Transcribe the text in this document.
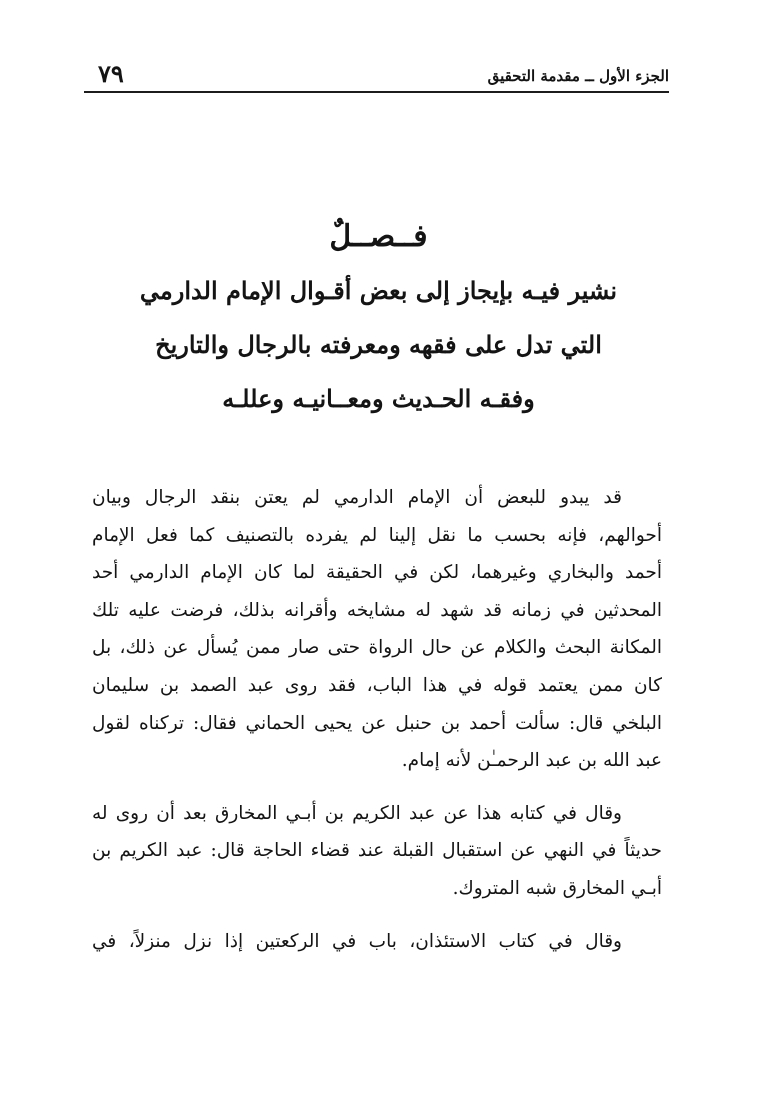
الجزء الأول ــ مقدمة التحقيق
٧٩
فــصــلٌ
نشير فيـه بإيجاز إلى بعض أقـوال الإمام الدارمي
التي تدل على فقهه ومعرفته بالرجال والتاريخ
وفقـه الحـديث ومعــانيـه وعللـه
قد يبدو للبعض أن الإمام الدارمي لم يعتن بنقد الرجال وبيان
أحوالهم، فإنه بحسب ما نقل إلينا لم يفرده بالتصنيف كما فعل الإمام
أحمد والبخاري وغيرهما، لكن في الحقيقة لما كان الإمام الدارمي أحد
المحدثين في زمانه قد شهد له مشايخه وأقرانه بذلك، فرضت عليه تلك
المكانة البحث والكلام عن حال الرواة حتى صار ممن يُسأل عن ذلك، بل
كان ممن يعتمد قوله في هذا الباب، فقد روى عبد الصمد بن سليمان
البلخي قال: سألت أحمد بن حنبل عن يحيى الحماني فقال: تركناه لقول
عبد الله بن عبد الرحمـٰن لأنه إمام.
وقال في كتابه هذا عن عبد الكريم بن أبـي المخارق بعد أن روى له
حديثاً في النهي عن استقبال القبلة عند قضاء الحاجة قال: عبد الكريم بن
أبـي المخارق شبه المتروك.
وقال في كتاب الاستئذان، باب في الركعتين إذا نزل منزلاً، في
